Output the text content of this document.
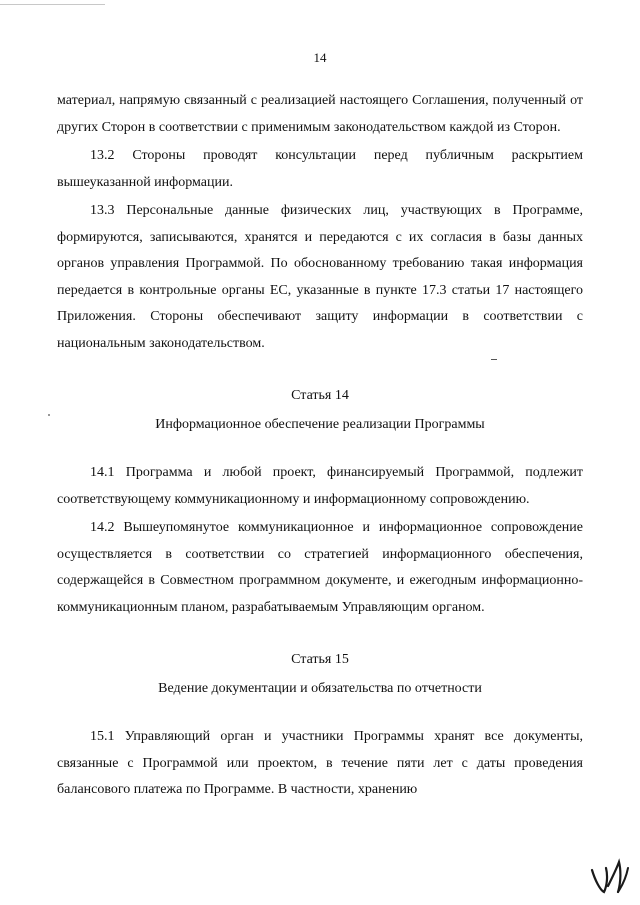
14

материал, напрямую связанный с реализацией настоящего Соглашения, полученный от других Сторон в соответствии с применимым законодательством каждой из Сторон.

13.2 Стороны проводят консультации перед публичным раскрытием вышеуказанной информации.

13.3 Персональные данные физических лиц, участвующих в Программе, формируются, записываются, хранятся и передаются с их согласия в базы данных органов управления Программой. По обоснованному требованию такая информация передается в контрольные органы ЕС, указанные в пункте 17.3 статьи 17 настоящего Приложения. Стороны обеспечивают защиту информации в соответствии с национальным законодательством.

Статья 14

Информационное обеспечение реализации Программы

14.1 Программа и любой проект, финансируемый Программой, подлежит соответствующему коммуникационному и информационному сопровождению.

14.2 Вышеупомянутое коммуникационное и информационное сопровождение осуществляется в соответствии со стратегией информационного обеспечения, содержащейся в Совместном программном документе, и ежегодным информационно-коммуникационным планом, разрабатываемым Управляющим органом.

Статья 15

Ведение документации и обязательства по отчетности

15.1 Управляющий орган и участники Программы хранят все документы, связанные с Программой или проектом, в течение пяти лет с даты проведения балансового платежа по Программе. В частности, хранению
